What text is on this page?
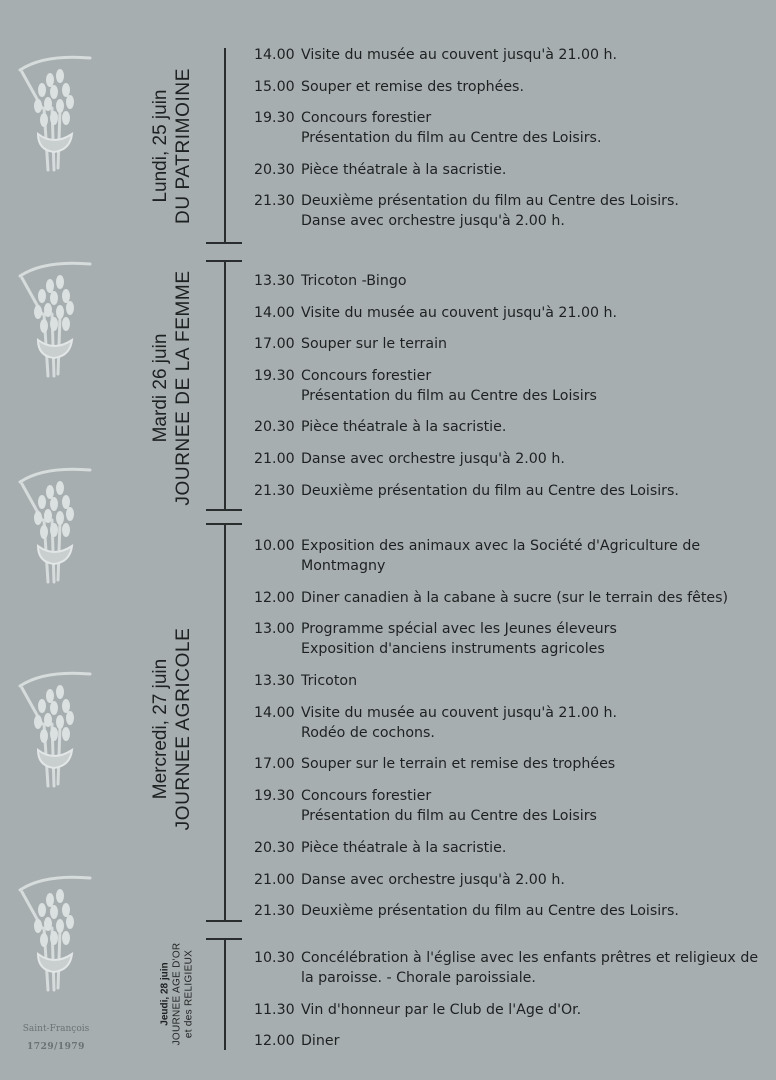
Saint-François
1729/1979
Lundi, 25 juin DU PATRIMOINE
Mardi 26 juin JOURNEE DE LA FEMME
Mercredi, 27 juin JOURNEE AGRICOLE
Jeudi, 28 juin JOURNEE AGE D'OR et des RELIGIEUX
14.00 Visite du musée au couvent jusqu'à 21.00 h.
15.00 Souper et remise des trophées.
19.30 Concours forestier
Présentation du film au Centre des Loisirs.
20.30 Pièce théatrale à la sacristie.
21.30 Deuxième présentation du film au Centre des Loisirs.
Danse avec orchestre jusqu'à 2.00 h.
13.30 Tricoton -Bingo
14.00 Visite du musée au couvent jusqu'à 21.00 h.
17.00 Souper sur le terrain
19.30 Concours forestier
Présentation du film au Centre des Loisirs
20.30 Pièce théatrale à la sacristie.
21.00 Danse avec orchestre jusqu'à 2.00 h.
21.30 Deuxième présentation du film au Centre des Loisirs.
10.00 Exposition des animaux avec la Société d'Agriculture de
Montmagny
12.00 Diner canadien à la cabane à sucre (sur le terrain des fêtes)
13.00 Programme spécial avec les Jeunes éleveurs
Exposition d'anciens instruments agricoles
13.30 Tricoton
14.00 Visite du musée au couvent jusqu'à 21.00 h.
Rodéo de cochons.
17.00 Souper sur le terrain et remise des trophées
19.30 Concours forestier
Présentation du film au Centre des Loisirs
20.30 Pièce théatrale à la sacristie.
21.00 Danse avec orchestre jusqu'à 2.00 h.
21.30 Deuxième présentation du film au Centre des Loisirs.
10.30 Concélébration à l'église avec les enfants prêtres et religieux de
la paroisse. - Chorale paroissiale.
11.30 Vin d'honneur par le Club de l'Age d'Or.
12.00 Diner
